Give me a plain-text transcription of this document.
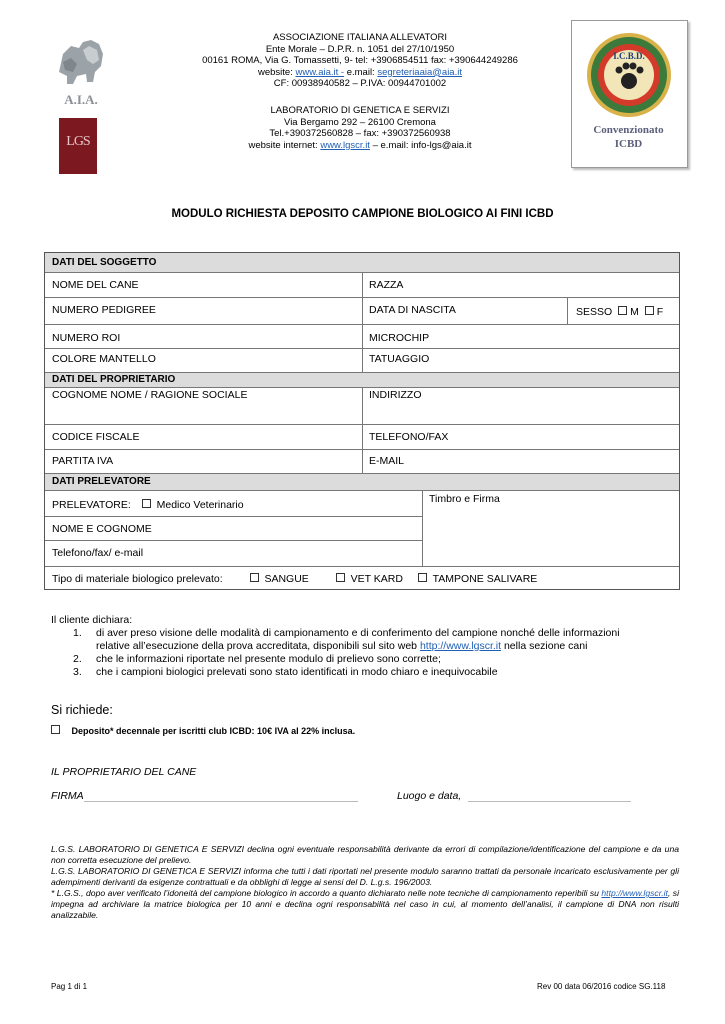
A.I.A.
LGS
ASSOCIAZIONE ITALIANA ALLEVATORI
Ente Morale – D.P.R. n. 1051 del 27/10/1950
00161 ROMA, Via G. Tomassetti, 9- tel: +3906854511 fax: +390644249286
website: www.aia.it - e.mail: segreteriaaia@aia.it
CF: 00938940582 – P.IVA: 00944701002
LABORATORIO DI GENETICA E SERVIZI
Via Bergamo 292 – 26100 Cremona
Tel.+390372560828 – fax: +390372560938
website internet: www.lgscr.it – e.mail: info-lgs@aia.it
I.C.B.D.
Convenzionato
ICBD
MODULO RICHIESTA DEPOSITO CAMPIONE BIOLOGICO AI FINI ICBD
DATI DEL SOGGETTO
DATI DEL PROPRIETARIO
DATI PRELEVATORE
NOME DEL CANE	RAZZA
NUMERO PEDIGREE	DATA DI NASCITA	SESSO M F
NUMERO ROI	MICROCHIP
COLORE MANTELLO	TATUAGGIO
COGNOME NOME / RAGIONE SOCIALE	INDIRIZZO
CODICE FISCALE	TELEFONO/FAX
PARTITA IVA	E-MAIL
PRELEVATORE: Medico Veterinario	Timbro e Firma
NOME E COGNOME
Telefono/fax/ e-mail
Tipo di materiale biologico prelevato:	SANGUE	VET KARD	TAMPONE SALIVARE
Il cliente dichiara:
1. di aver preso visione delle modalità di campionamento e di conferimento del campione nonché delle informazioni
relative all’esecuzione della prova accreditata, disponibili sul sito web http://www.lgscr.it nella sezione cani
2. che le informazioni riportate nel presente modulo di prelievo sono corrette;
3. che i campioni biologici prelevati sono stato identificati in modo chiaro e inequivocabile
Si richiede:
Deposito* decennale per iscritti club ICBD: 10€ IVA al 22% inclusa.
IL PROPRIETARIO DEL CANE
FIRMA	Luogo e data,
L.G.S. LABORATORIO DI GENETICA E SERVIZI declina ogni eventuale responsabilità derivante da errori di compilazione/identificazione del campione e da una non corretta esecuzione del prelievo.
L.G.S. LABORATORIO DI GENETICA E SERVIZI informa che tutti i dati riportati nel presente modulo saranno trattati da personale incaricato esclusivamente per gli adempimenti derivanti da esigenze contrattuali e da obblighi di legge ai sensi del D. L.g.s. 196/2003.
* L.G.S., dopo aver verificato l’idoneità del campione biologico in accordo a quanto dichiarato nelle note tecniche di campionamento reperibili su http://www.lgscr.it, si impegna ad archiviare la matrice biologica per 10 anni e declina ogni responsabilità nel caso in cui, al momento dell’analisi, il campione di DNA non risulti analizzabile.
Pag 1 di 1	Rev 00 data 06/2016 codice SG.118
